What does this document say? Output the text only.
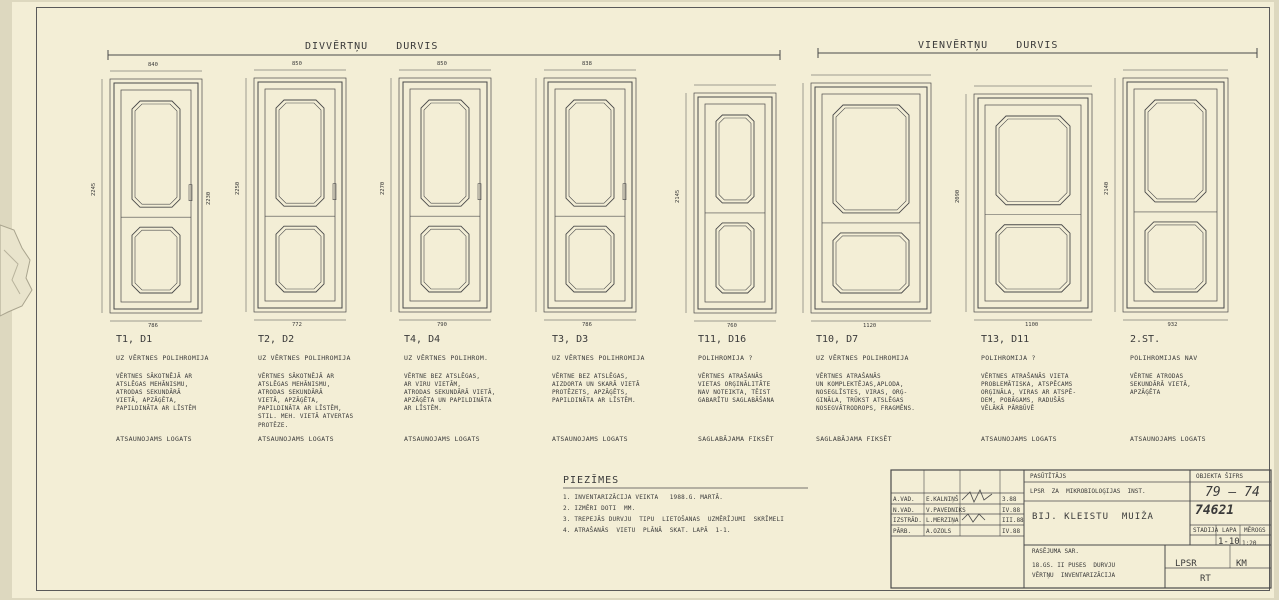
DIVVĒRTŅU    DURVIS	VIENVĒRTŅU    DURVIS
T1, D1
840
786
2245
UZ VĒRTNES POLIHROMIJA
VĒRTNES SĀKOTNĒJĀ AR
ATSLĒGAS MEHĀNISMU,
ATRODAS SEKUNDĀRĀ
VIETĀ, APZĀĢĒTA,
PAPILDINĀTA AR LĪSTĒM
ATSAUNOJAMS LOGATS
T2, D2
850
772
2250
UZ VĒRTNES POLIHROMIJA
VĒRTNES SĀKOTNĒJĀ AR
ATSLĒGAS MEHĀNISMU,
ATRODAS SEKUNDĀRĀ
VIETĀ, APZĀĢĒTA,
PAPILDINĀTA AR LĪSTĒM,
STIL. MEH. VIETĀ ATVERTAS
PROTĒZE.
ATSAUNOJAMS LOGATS
T4, D4
850
790
2270
UZ VĒRTNES POLIHROM.
VĒRTNE BEZ ATSLĒGAS,
AR VIRU VIETĀM,
ATRODAS SEKUNDĀRĀ VIETĀ,
APZĀĢĒTA UN PAPILDINĀTA
AR LĪSTĒM.
ATSAUNOJAMS LOGATS
T3, D3
838
786
UZ VĒRTNES POLIHROMIJA
VĒRTNE BEZ ATSLĒGAS,
AIZDORTA UN SKARĀ VIETĀ
PROTĒZETS, APZĀĢĒTS,
PAPILDINĀTA AR LĪSTĒM.
ATSAUNOJAMS LOGATS
T11, D16
760
2145
POLIHROMIJA ?
VĒRTNES ATRAŠANĀS
VIETAS ORĢINĀLITĀTE
NAV NOTEIKTA, TĒIST
GABARĪTU SAGLABĀŠANA
SAGLABĀJAMA FIKSĒT
T10, D7
1120
UZ VĒRTNES POLIHROMIJA
VĒRTNES ATRAŠANĀS
UN KOMPLEKTĒJAS,APLODA,
NOSEGLĪSTES, VIRAS, ORĢ-
GINĀLA, TRŪKST ATSLĒGAS
NOSEGVĀTRODROPS, FRAGMĒNS.
SAGLABĀJAMA FIKSĒT
T13, D11
1100
2090
POLIHROMIJA ?
VĒRTNES ATRAŠANĀS VIETA
PROBLEMĀTISKA, ATSPĒCAMS
ORĢINĀLA, VIRAS AR ATSPĒ-
DEM, POBĀGAMS, RADUŠĀS
VĒLĀKĀ PĀRBŪVĒ
ATSAUNOJAMS LOGATS
2.ST.
932
2140
POLIHROMIJAS NAV
VĒRTNE ATRODAS
SEKUNDĀRĀ VIETĀ,
APZĀĢĒTA
ATSAUNOJAMS LOGATS
2230
PIEZĪMES
1. INVENTARIZĀCIJA VEIKTA   1988.G. MARTĀ.
2. IZMĒRI DOTI  MM.
3. TREPEJĀS DURVJU  TIPU  LIETOŠANAS  UZMĒRĪJUMI  SKRĪMELI
4. ATRAŠANĀS  VIETU  PLĀNĀ  SKAT. LAPĀ  1-1.
PASŪTĪTĀJS
LPSR  ZA  MIKROBIOLOĢIJAS  INST.
OBJEKTA ŠIFRS
79 — 74
74621
BIJ. KLEISTU  MUIŽA
A.VAD. E.KALNIŅŠ	3.88
N.VAD. V.PAVEDNIKS	IV.88
IZSTRĀD. L.MERZIŅA	III.88
PĀRB. A.OZOLS	IV.88	STADIJA LAPA MĒROGS
1-10 1:20
RASĒJUMA SAR.
18.GS. II PUSES  DURVJU
VĒRTŅU  INVENTARIZĀCIJA
LPSR	KM
RT
